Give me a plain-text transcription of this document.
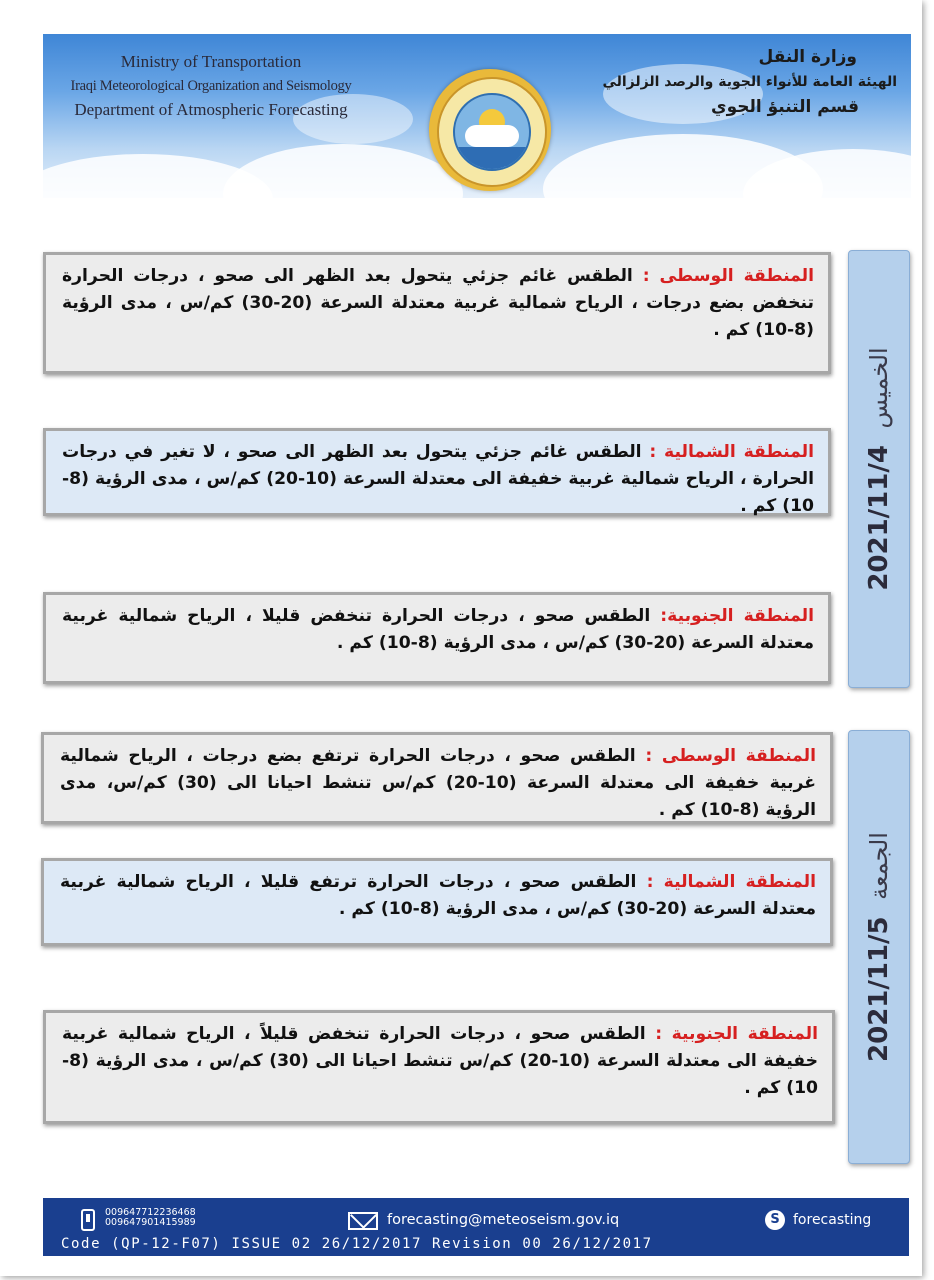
Ministry of Transportation
Iraqi Meteorological Organization and Seismology
Department of Atmospheric Forecasting
وزارة النقل
الهيئة العامة للأنواء الجوية والرصد الزلزالي
قسم التنبؤ الجوي
الخميس  2021/11/4
الجمعة  2021/11/5
المنطقة الوسطى : الطقس غائم جزئي يتحول بعد الظهر الى صحو ، درجات الحرارة تنخفض بضع درجات ، الرياح شمالية غربية معتدلة السرعة (20-30) كم/س ، مدى الرؤية (8-10) كم .
المنطقة الشمالية : الطقس غائم جزئي يتحول بعد الظهر الى صحو ، لا تغير في درجات الحرارة ، الرياح شمالية غربية خفيفة الى معتدلة السرعة (10-20) كم/س ، مدى الرؤية (8-10) كم .
المنطقة الجنوبية: الطقس صحو ، درجات الحرارة تنخفض قليلا ، الرياح شمالية غربية معتدلة السرعة (20-30) كم/س ، مدى الرؤية (8-10) كم .
المنطقة الوسطى : الطقس صحو ، درجات الحرارة ترتفع بضع درجات ، الرياح شمالية غربية خفيفة الى معتدلة السرعة (10-20) كم/س تنشط احيانا الى (30) كم/س، مدى الرؤية (8-10) كم .
المنطقة الشمالية : الطقس صحو ، درجات الحرارة ترتفع قليلا ، الرياح شمالية غربية معتدلة السرعة (20-30) كم/س ، مدى الرؤية (8-10) كم .
المنطقة الجنوبية : الطقس صحو ، درجات الحرارة تنخفض قليلاً ، الرياح شمالية غربية خفيفة الى معتدلة السرعة (10-20) كم/س تنشط احيانا الى (30) كم/س ، مدى الرؤية (8-10) كم .
009647712236468
009647901415989	forecasting@meteoseism.gov.iq	S forecasting
Code (QP-12-F07) ISSUE 02 26/12/2017 Revision 00 26/12/2017
